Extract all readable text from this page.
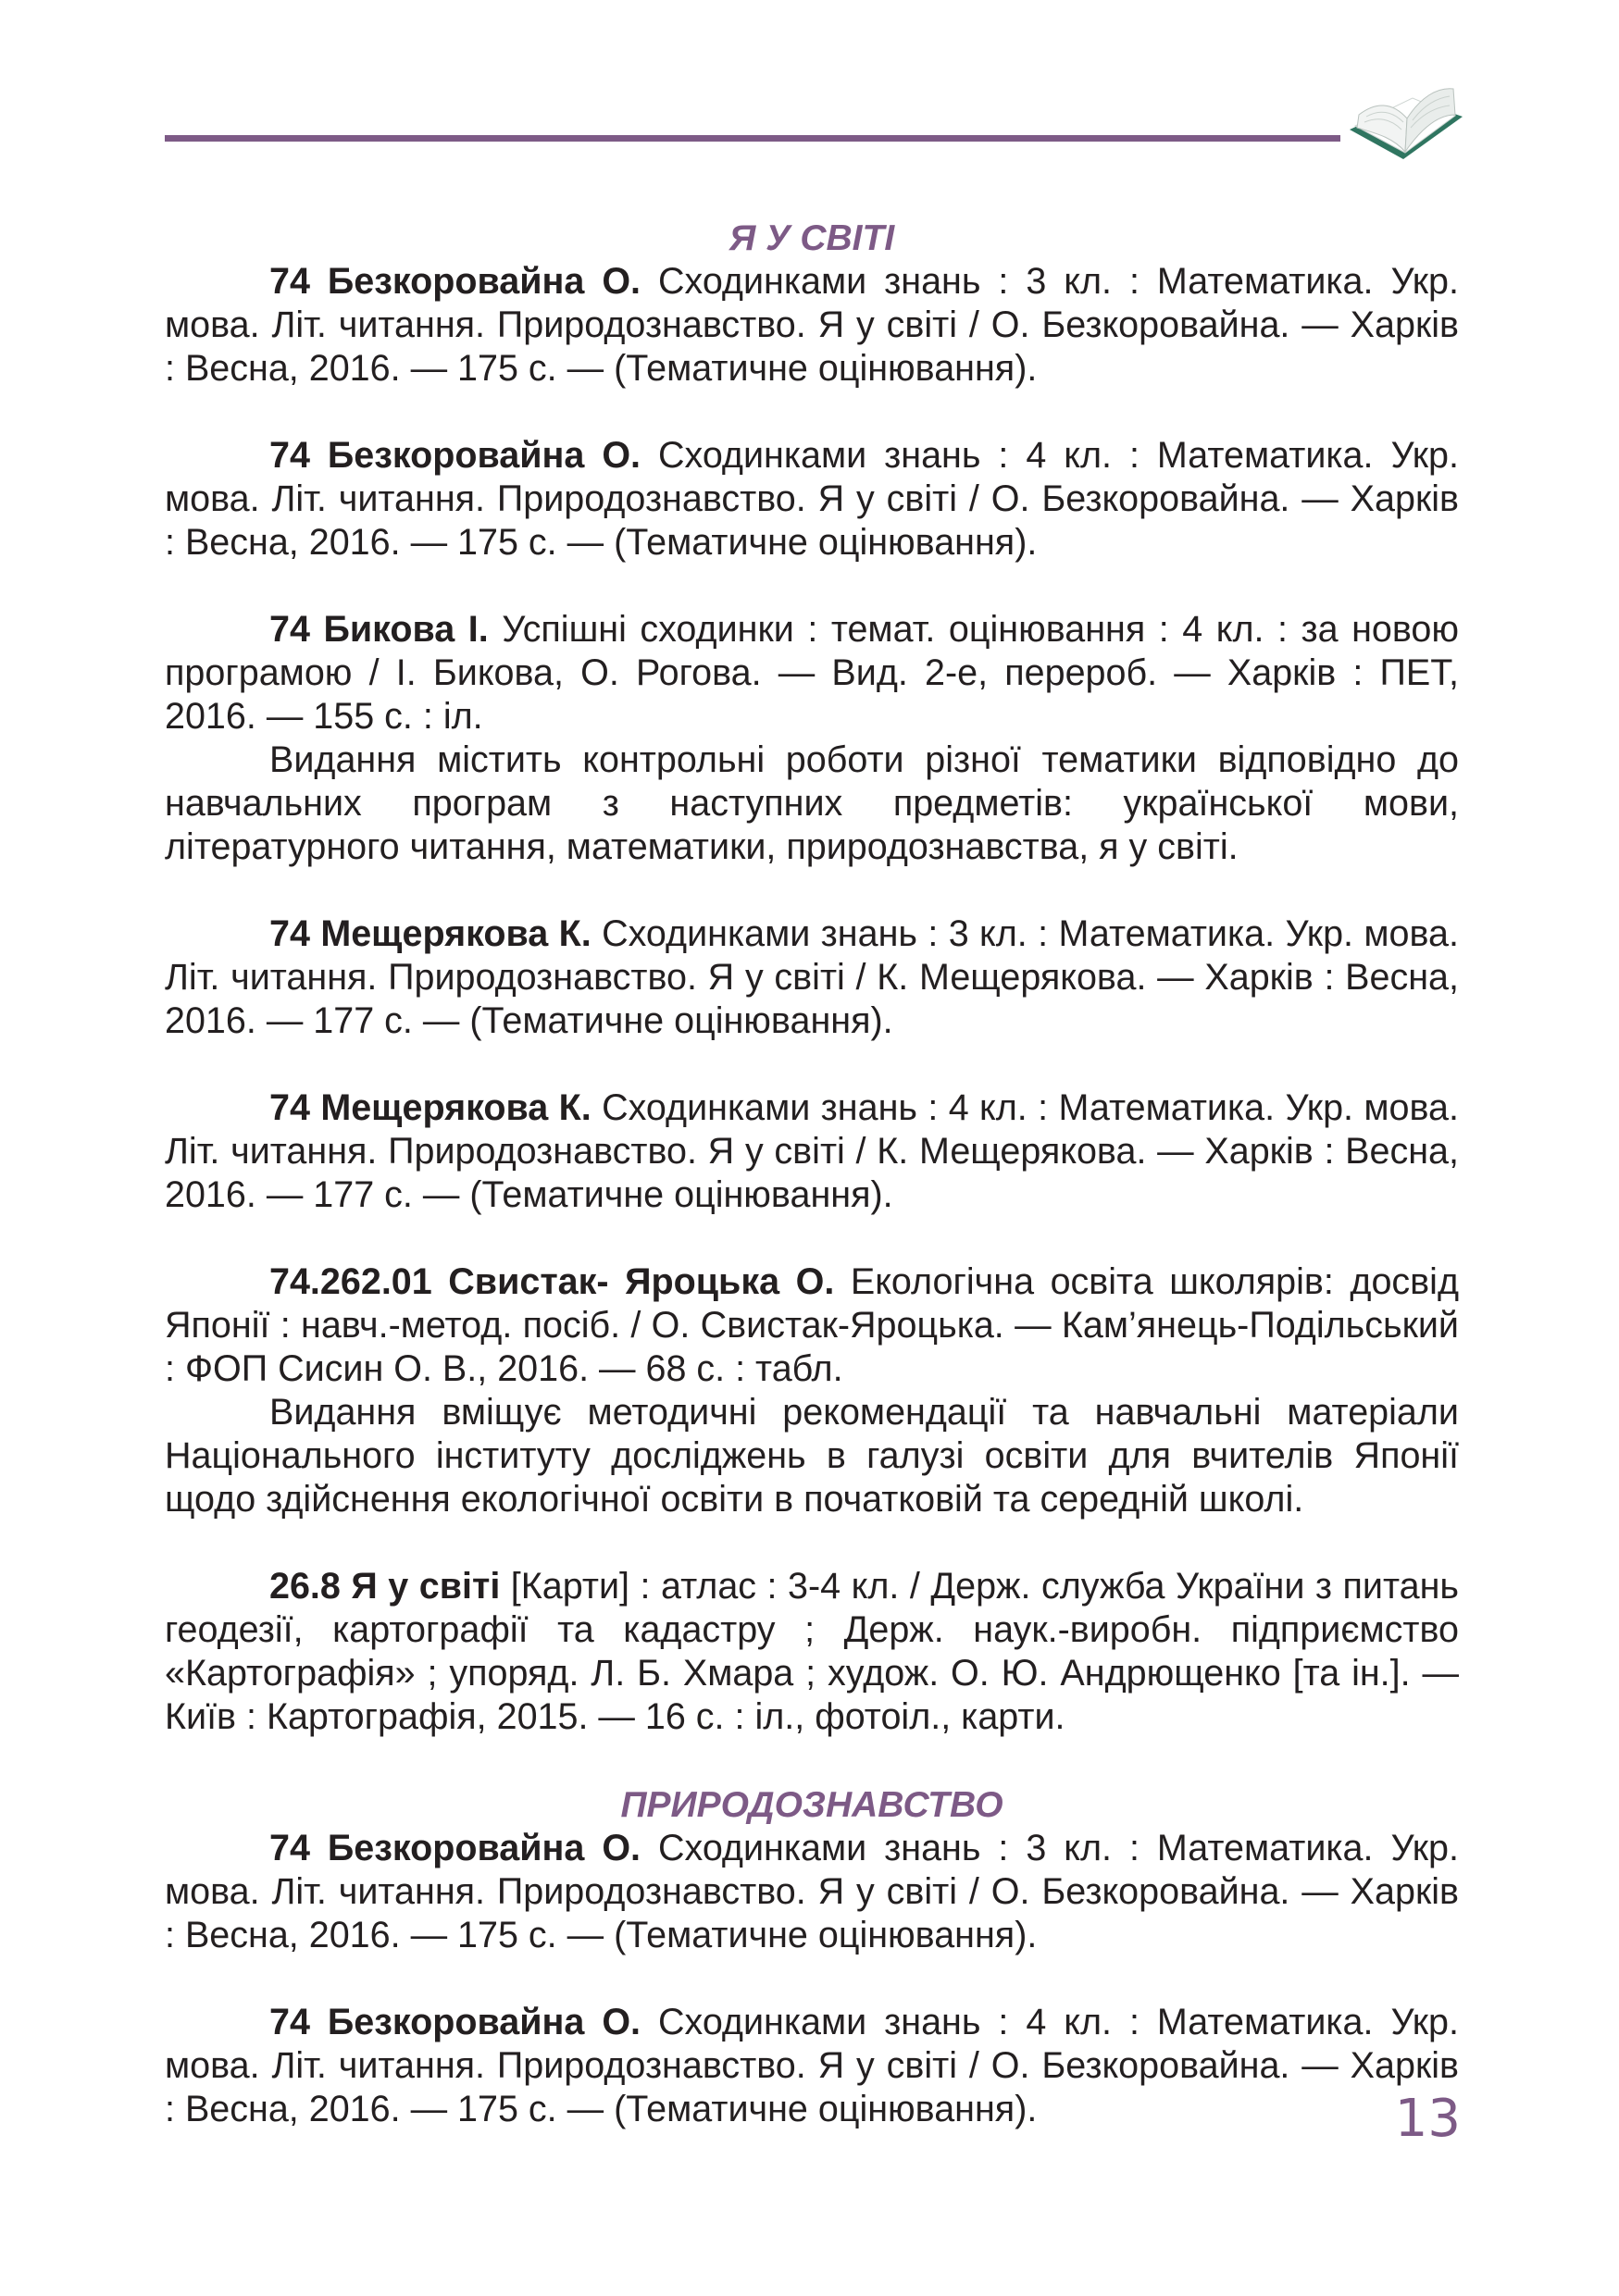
Я У СВІТІ

74 Безкоровайна О. Сходинками знань : 3 кл. : Математика. Укр. мова. Літ. читання. Природознавство. Я у світі / О. Безкоровайна. — Харків : Весна, 2016. — 175 с. — (Тематичне оцінювання).

74 Безкоровайна О. Сходинками знань : 4 кл. : Математика. Укр. мова. Літ. читання. Природознавство. Я у світі / О. Безкоровайна. — Харків : Весна, 2016. — 175 с. — (Тематичне оцінювання).

74 Бикова І. Успішні сходинки : темат. оцінювання : 4 кл. : за новою програмою / І. Бикова, О. Рогова. — Вид. 2-е, перероб. — Харків : ПЕТ, 2016. — 155 с. : іл.

Видання містить контрольні роботи різної тематики відповідно до навчальних програм з наступних предметів: української мови, літературного читання, математики, природознавства, я у світі.

74 Мещерякова К. Сходинками знань : 3 кл. : Математика. Укр. мова. Літ. читання. Природознавство. Я у світі / К. Мещерякова. — Харків : Весна, 2016. — 177 с. — (Тематичне оцінювання).

74 Мещерякова К. Сходинками знань : 4 кл. : Математика. Укр. мова. Літ. читання. Природознавство. Я у світі / К. Мещерякова. — Харків : Весна, 2016. — 177 с. — (Тематичне оцінювання).

74.262.01 Свистак- Яроцька О. Екологічна освіта школярів: досвід Японії : навч.-метод. посіб. / О. Свистак-Яроцька. — Кам’янець-Подільський : ФОП Сисин О. В., 2016. — 68 с. : табл.

Видання вміщує методичні рекомендації та навчальні матеріали Національного інституту досліджень в галузі освіти для вчителів Японії щодо здійснення екологічної освіти в початковій та середній школі.

26.8 Я у світі [Карти] : атлас : 3-4 кл. / Держ. служба України з питань геодезії, картографії та кадастру ; Держ. наук.-виробн. підприємство «Картографія» ; упоряд. Л. Б. Хмара ; худож. О. Ю. Андрющенко [та ін.]. — Київ : Картографія, 2015. — 16 с. : іл., фотоіл., карти.

ПРИРОДОЗНАВСТВО

74 Безкоровайна О. Сходинками знань : 3 кл. : Математика. Укр. мова. Літ. читання. Природознавство. Я у світі / О. Безкоровайна. — Харків : Весна, 2016. — 175 с. — (Тематичне оцінювання).

74 Безкоровайна О. Сходинками знань : 4 кл. : Математика. Укр. мова. Літ. читання. Природознавство. Я у світі / О. Безкоровайна. — Харків : Весна, 2016. — 175 с. — (Тематичне оцінювання).	13
